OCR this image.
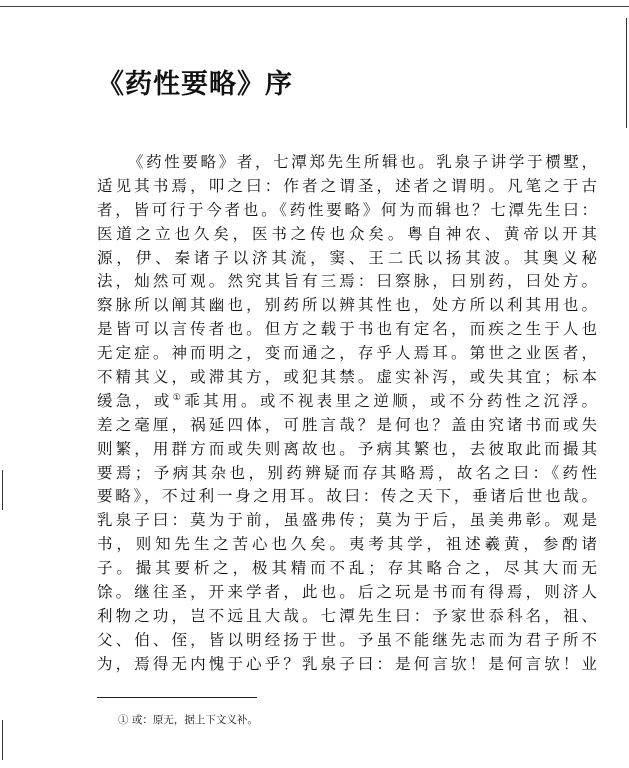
《药性要略》序
《药性要略》者，七潭郑先生所辑也。乳泉子讲学于槚墅，
适见其书焉，叩之曰：作者之谓圣，述者之谓明。凡笔之于古
者，皆可行于今者也。《药性要略》何为而辑也？七潭先生曰：
医道之立也久矣，医书之传也众矣。粤自神农、黄帝以开其
源，伊、秦诸子以济其流，窦、王二氏以扬其波。其奥义秘
法，灿然可观。然究其旨有三焉：曰察脉，曰别药，曰处方。
察脉所以阐其幽也，别药所以辨其性也，处方所以利其用也。
是皆可以言传者也。但方之载于书也有定名，而疾之生于人也
无定症。神而明之，变而通之，存乎人焉耳。第世之业医者，
不精其义，或滞其方，或犯其禁。虚实补泻，或失其宜；标本
缓急，或①乖其用。或不视表里之逆顺，或不分药性之沉浮。
差之毫厘，祸延四体，可胜言哉？是何也？盖由究诸书而或失
则繁，用群方而或失则离故也。予病其繁也，去彼取此而撮其
要焉；予病其杂也，别药辨疑而存其略焉，故名之曰：《药性
要略》，不过利一身之用耳。故曰：传之天下，垂诸后世也哉。
乳泉子曰：莫为于前，虽盛弗传；莫为于后，虽美弗彰。观是
书，则知先生之苦心也久矣。夷考其学，祖述羲黄，参酌诸
子。撮其要析之，极其精而不乱；存其略合之，尽其大而无
馀。继往圣，开来学者，此也。后之玩是书而有得焉，则济人
利物之功，岂不远且大哉。七潭先生曰：予家世忝科名，祖、
父、伯、侄，皆以明经扬于世。予虽不能继先志而为君子所不
为，焉得无内愧于心乎？乳泉子曰：是何言欤！是何言欤！业
① 或：原无，据上下文义补。
